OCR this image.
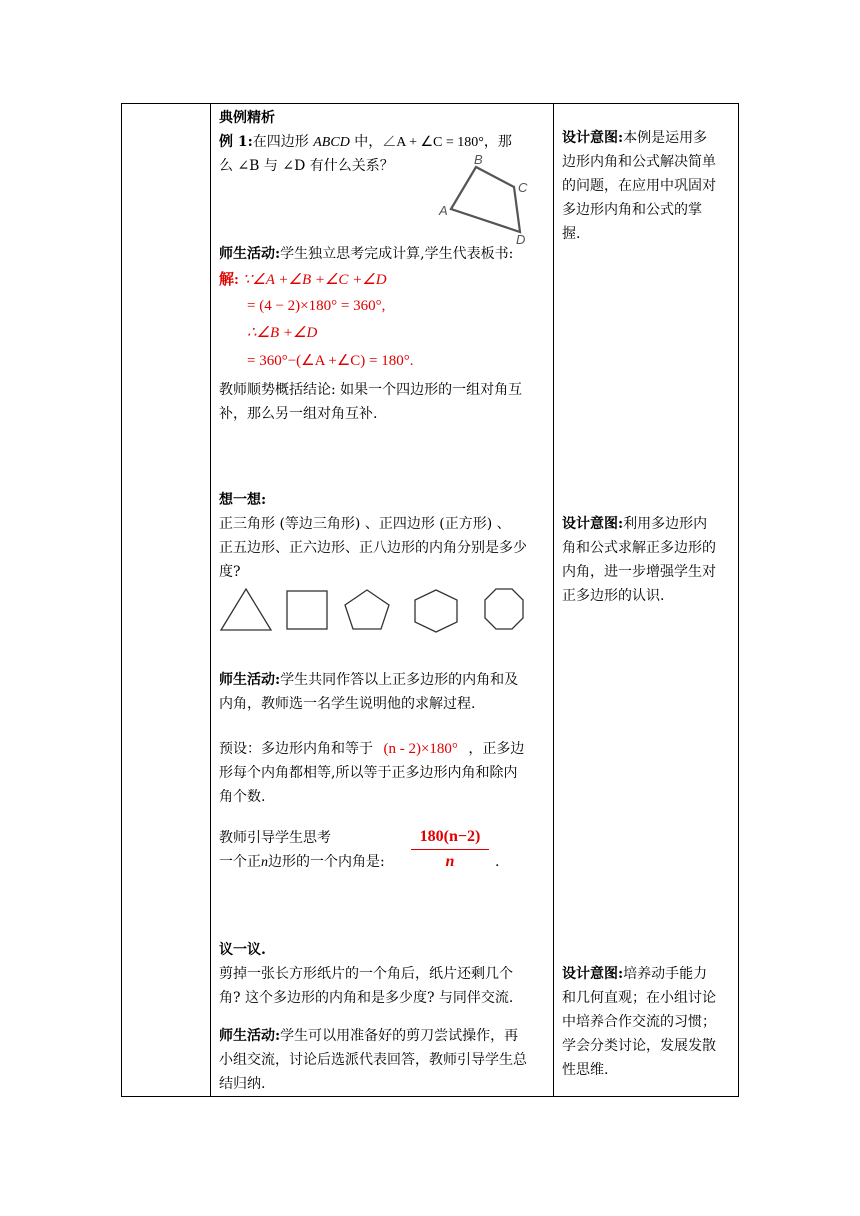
典例精析
例 1:在四边形 ABCD 中，∠A + ∠C = 180°，那
么 ∠B 与 ∠D 有什么关系？
A
B
C
D
师生活动:学生独立思考完成计算,学生代表板书:
解: ∵∠A +∠B +∠C +∠D
= (4 − 2)×180° = 360°,
∴∠B +∠D
= 360°−(∠A +∠C) = 180°.
教师顺势概括结论: 如果一个四边形的一组对角互
补，那么另一组对角互补.
想一想:
正三角形 (等边三角形) 、正四边形 (正方形) 、
正五边形、正六边形、正八边形的内角分别是多少
度?
师生活动:学生共同作答以上正多边形的内角和及
内角，教师选一名学生说明他的求解过程.
预设：多边形内角和等于 (n - 2)×180° ，正多边
形每个内角都相等,所以等于正多边形内角和除内
角个数.
教师引导学生思考
一个正n边形的一个内角是:
180(n−2)
n	.
议一议.
剪掉一张长方形纸片的一个角后，纸片还剩几个
角? 这个多边形的内角和是多少度? 与同伴交流.
师生活动:学生可以用准备好的剪刀尝试操作，再
小组交流，讨论后选派代表回答，教师引导学生总
结归纳.

设计意图:本例是运用多
边形内角和公式解决简单
的问题，在应用中巩固对
多边形内角和公式的掌
握.
设计意图:利用多边形内
角和公式求解正多边形的
内角，进一步增强学生对
正多边形的认识.
设计意图:培养动手能力
和几何直观；在小组讨论
中培养合作交流的习惯；
学会分类讨论，发展发散
性思维.
